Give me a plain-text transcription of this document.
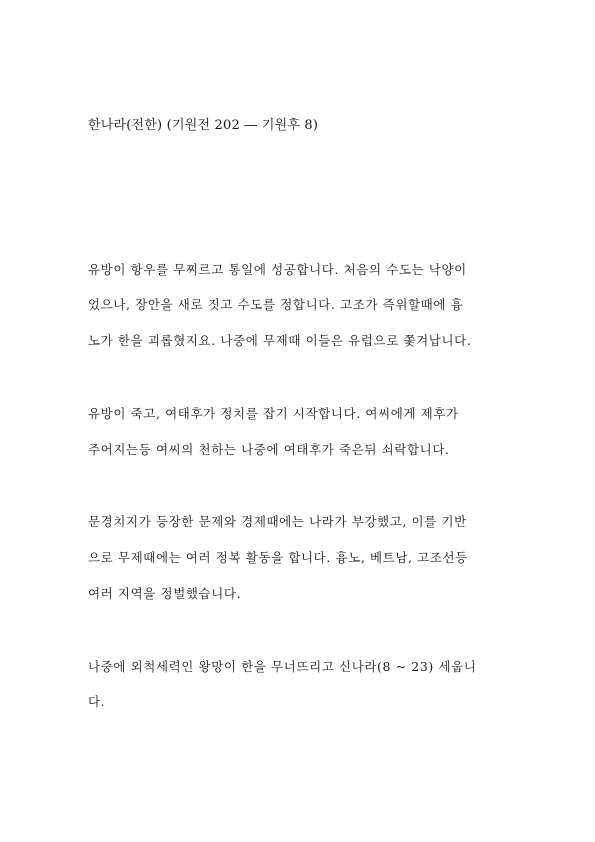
한나라(전한) (기원전 202 ― 기원후 8)
유방이 항우를 무찌르고 통일에 성공합니다. 처음의 수도는 낙양이
었으나, 장안을 새로 짓고 수도를 정합니다. 고조가 즉위할때에 흉
노가 한을 괴롭혔지요. 나중에 무제때 이들은 유럽으로 쫓겨납니다.
유방이 죽고, 여태후가 정치를 잡기 시작합니다. 여씨에게 제후가
주어지는등 여씨의 천하는 나중에 여태후가 죽은뒤 쇠락합니다.
문경치지가 등장한 문제와 경제때에는 나라가 부강했고, 이를 기반
으로 무제때에는 여러 정복 활동을 합니다. 흉노, 베트남, 고조선등
여러 지역을 정벌했습니다.
나중에 외척세력인 왕망이 한을 무너뜨리고 신나라(8 ~ 23) 세웁니
다.
